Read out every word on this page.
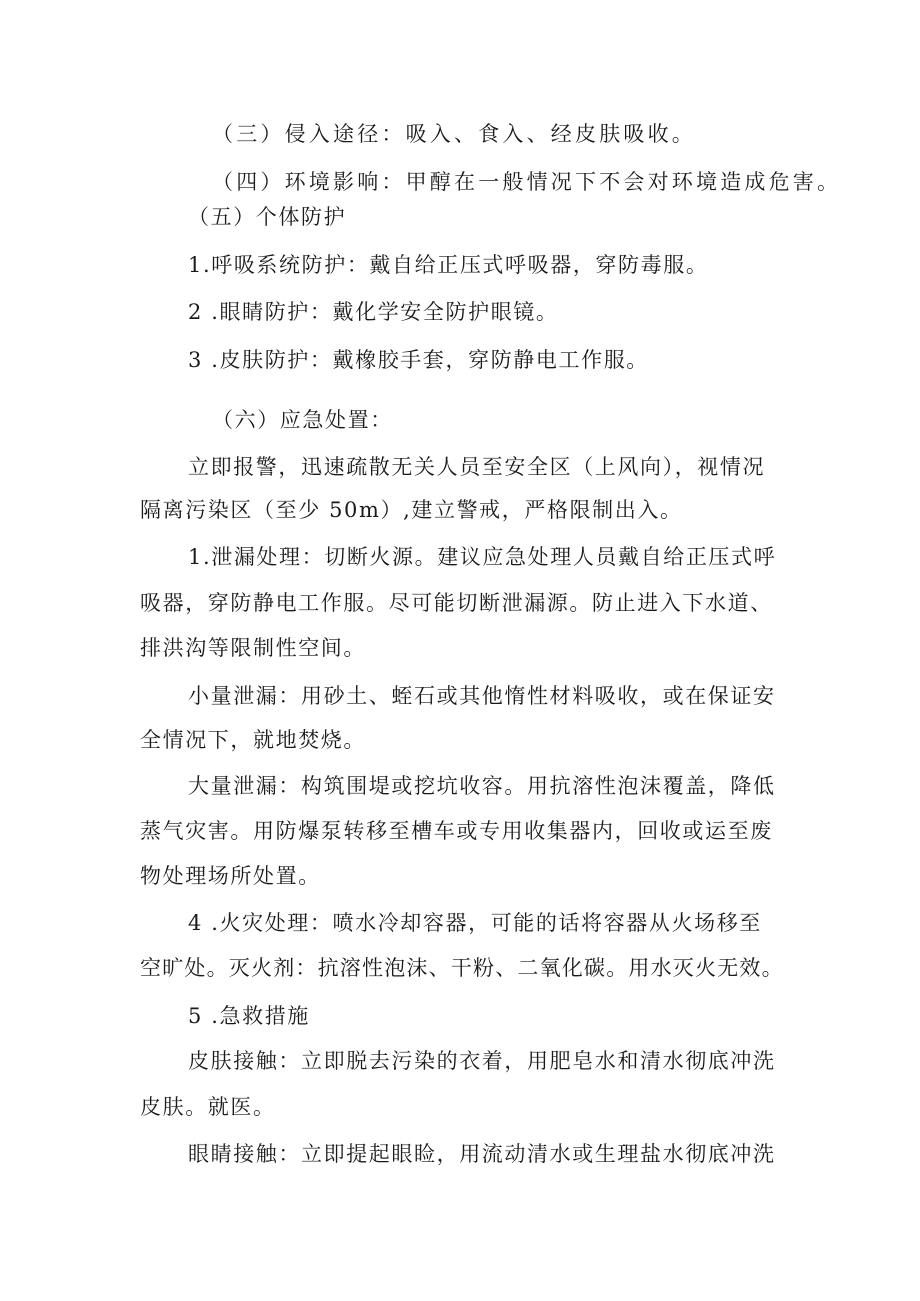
（三）侵入途径：吸入、食入、经皮肤吸收。
（四）环境影响：甲醇在一般情况下不会对环境造成危害。
（五）个体防护
1.呼吸系统防护：戴自给正压式呼吸器，穿防毒服。
2 .眼睛防护：戴化学安全防护眼镜。
3 .皮肤防护：戴橡胶手套，穿防静电工作服。
（六）应急处置：
立即报警，迅速疏散无关人员至安全区（上风向），视情况
隔离污染区（至少 50m）,建立警戒，严格限制出入。
1.泄漏处理：切断火源。建议应急处理人员戴自给正压式呼
吸器，穿防静电工作服。尽可能切断泄漏源。防止进入下水道、
排洪沟等限制性空间。
小量泄漏：用砂土、蛭石或其他惰性材料吸收，或在保证安
全情况下，就地焚烧。
大量泄漏：构筑围堤或挖坑收容。用抗溶性泡沫覆盖，降低
蒸气灾害。用防爆泵转移至槽车或专用收集器内，回收或运至废
物处理场所处置。
4 .火灾处理：喷水冷却容器，可能的话将容器从火场移至
空旷处。灭火剂：抗溶性泡沫、干粉、二氧化碳。用水灭火无效。
5 .急救措施
皮肤接触：立即脱去污染的衣着，用肥皂水和清水彻底冲洗
皮肤。就医。
眼睛接触：立即提起眼睑，用流动清水或生理盐水彻底冲洗
